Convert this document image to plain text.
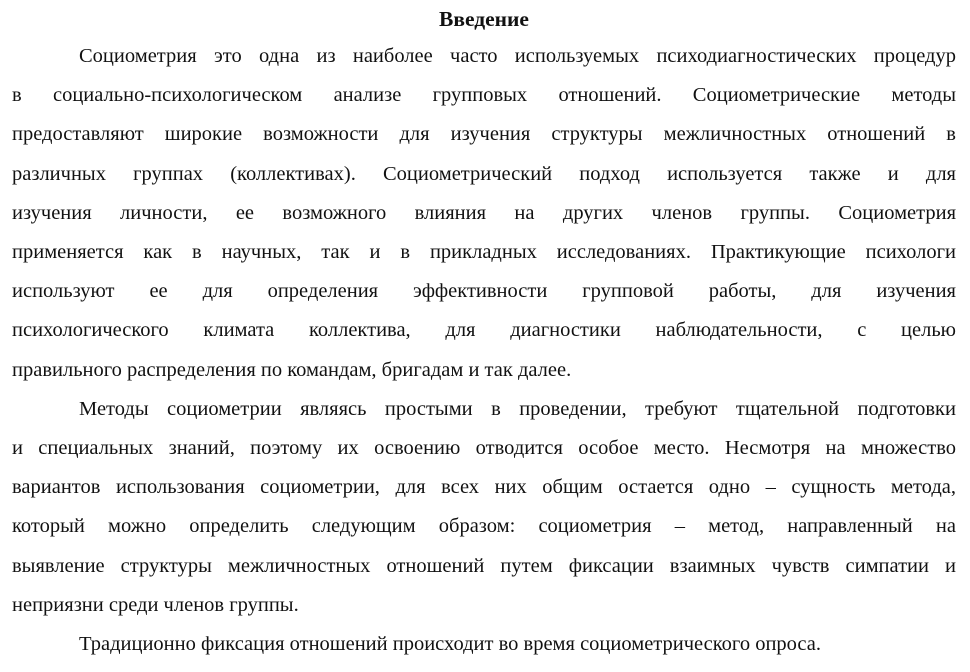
Введение
Социометрия это одна из наиболее часто используемых психодиагностических процедур
в социально-психологическом анализе групповых отношений. Социометрические методы
предоставляют широкие возможности для изучения структуры межличностных отношений в
различных группах (коллективах). Социометрический подход используется также и для
изучения личности, ее возможного влияния на других членов группы. Социометрия
применяется как в научных, так и в прикладных исследованиях. Практикующие психологи
используют ее для определения эффективности групповой работы, для изучения
психологического климата коллектива, для диагностики наблюдательности, с целью
правильного распределения по командам, бригадам и так далее.
Методы социометрии являясь простыми в проведении, требуют тщательной подготовки
и специальных знаний, поэтому их освоению отводится особое место. Несмотря на множество
вариантов использования социометрии, для всех них общим остается одно – сущность метода,
который можно определить следующим образом: социометрия – метод, направленный на
выявление структуры межличностных отношений путем фиксации взаимных чувств симпатии и
неприязни среди членов группы.
Традиционно фиксация отношений происходит во время социометрического опроса.
